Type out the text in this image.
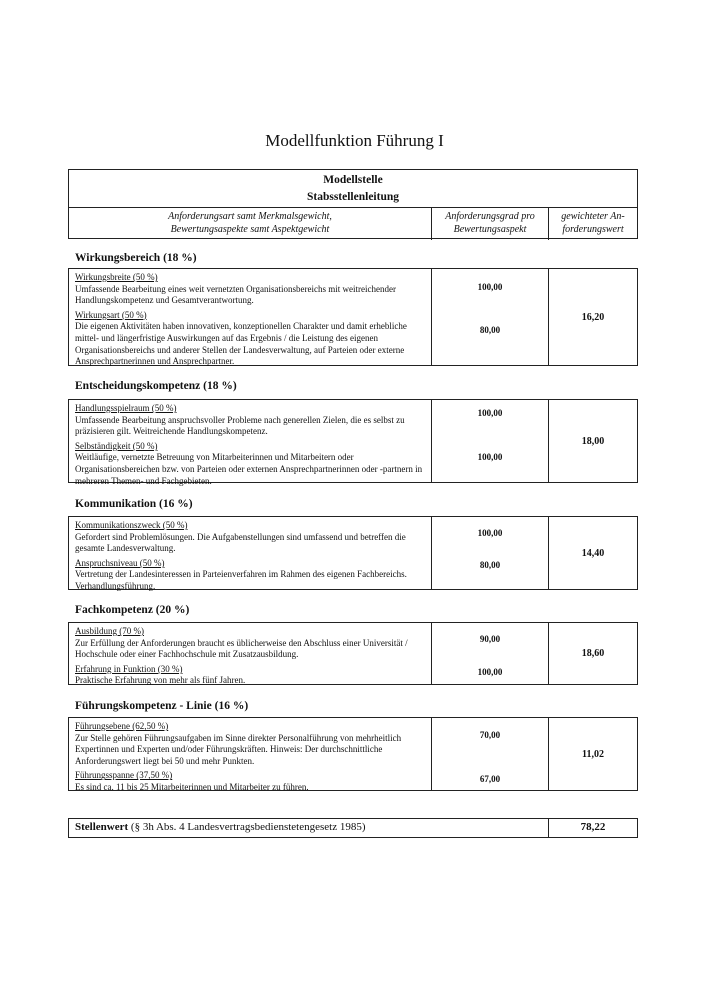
Modellfunktion Führung I
Modellstelle
Stabsstellenleitung
Anforderungsart samt Merkmalsgewicht,
Bewertungsaspekte samt Aspektgewicht
Anforderungsgrad pro
Bewertungsaspekt
gewichteter An-
forderungswert
Wirkungsbereich (18 %)
Wirkungsbreite (50 %)
Umfassende Bearbeitung eines weit vernetzten Organisationsbereichs mit weitreichender Handlungskompetenz und Gesamtverantwortung.
Wirkungsart (50 %)
Die eigenen Aktivitäten haben innovativen, konzeptionellen Charakter und damit erhebliche mittel- und längerfristige Auswirkungen auf das Ergebnis / die Leistung des eigenen Organisationsbereichs und anderer Stellen der Landesverwaltung, auf Parteien oder externe Ansprechpartnerinnen und Ansprechpartner.
100,00
80,00
16,20
Entscheidungskompetenz (18 %)
Handlungsspielraum (50 %)
Umfassende Bearbeitung anspruchsvoller Probleme nach generellen Zielen, die es selbst zu präzisieren gilt. Weitreichende Handlungskompetenz.
Selbständigkeit (50 %)
Weitläufige, vernetzte Betreuung von Mitarbeiterinnen und Mitarbeitern oder Organisationsbereichen bzw. von Parteien oder externen Ansprechpartnerinnen oder -partnern in mehreren Themen- und Fachgebieten.
100,00
100,00
18,00
Kommunikation (16 %)
Kommunikationszweck (50 %)
Gefordert sind Problemlösungen. Die Aufgabenstellungen sind umfassend und betreffen die gesamte Landesverwaltung.
Anspruchsniveau (50 %)
Vertretung der Landesinteressen in Parteienverfahren im Rahmen des eigenen Fachbereichs. Verhandlungsführung.
100,00
80,00
14,40
Fachkompetenz (20 %)
Ausbildung (70 %)
Zur Erfüllung der Anforderungen braucht es üblicherweise den Abschluss einer Universität / Hochschule oder einer Fachhochschule mit Zusatzausbildung.
Erfahrung in Funktion (30 %)
Praktische Erfahrung von mehr als fünf Jahren.
90,00
100,00
18,60
Führungskompetenz - Linie (16 %)
Führungsebene (62,50 %)
Zur Stelle gehören Führungsaufgaben im Sinne direkter Personalführung von mehrheitlich Expertinnen und Experten und/oder Führungskräften. Hinweis: Der durchschnittliche Anforderungswert liegt bei 50 und mehr Punkten.
Führungsspanne (37,50 %)
Es sind ca. 11 bis 25 Mitarbeiterinnen und Mitarbeiter zu führen.
70,00
67,00
11,02
Stellenwert (§ 3h Abs. 4 Landesvertragsbedienstetengesetz 1985)	78,22
